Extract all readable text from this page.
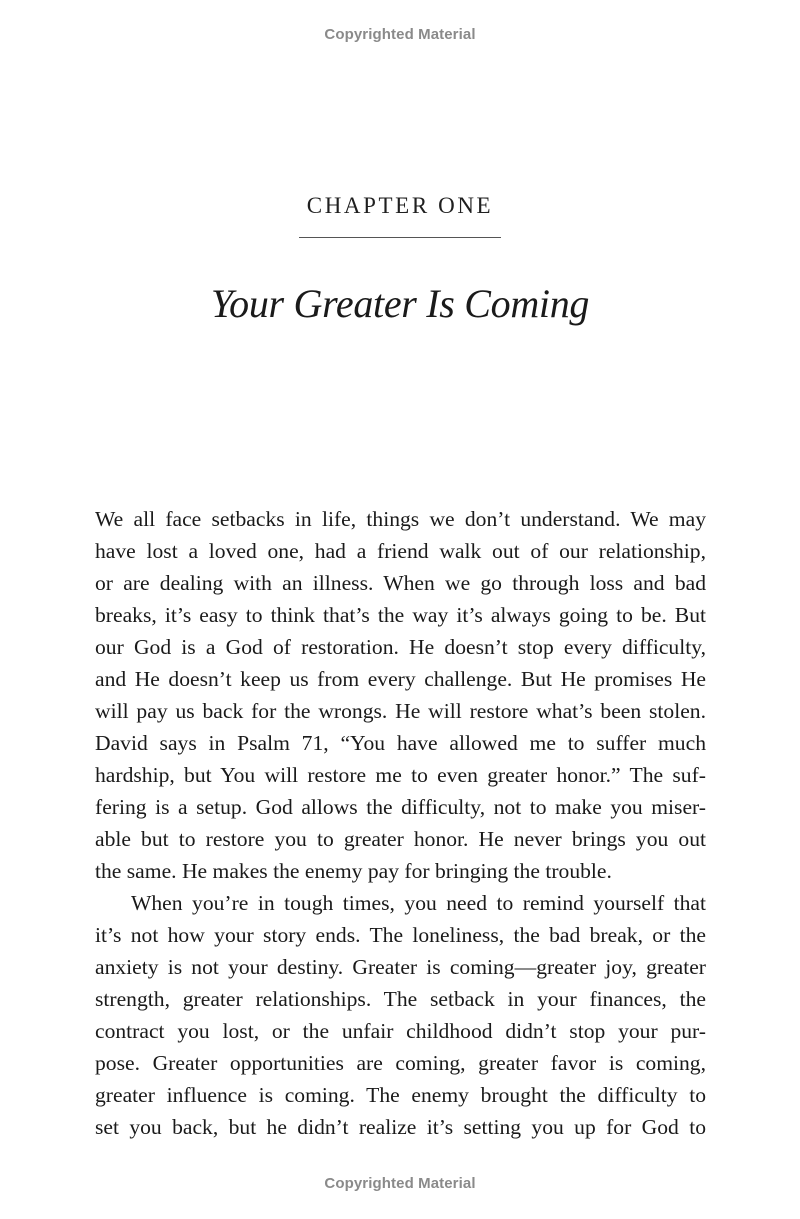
Copyrighted Material
CHAPTER ONE
Your Greater Is Coming
We all face setbacks in life, things we don’t understand. We may
have lost a loved one, had a friend walk out of our relationship,
or are dealing with an illness. When we go through loss and bad
breaks, it’s easy to think that’s the way it’s always going to be. But
our God is a God of restoration. He doesn’t stop every difficulty,
and He doesn’t keep us from every challenge. But He promises He
will pay us back for the wrongs. He will restore what’s been stolen.
David says in Psalm 71, “You have allowed me to suffer much
hardship, but You will restore me to even greater honor.” The suf-
fering is a setup. God allows the difficulty, not to make you miser-
able but to restore you to greater honor. He never brings you out
the same. He makes the enemy pay for bringing the trouble.
When you’re in tough times, you need to remind yourself that
it’s not how your story ends. The loneliness, the bad break, or the
anxiety is not your destiny. Greater is coming—greater joy, greater
strength, greater relationships. The setback in your finances, the
contract you lost, or the unfair childhood didn’t stop your pur-
pose. Greater opportunities are coming, greater favor is coming,
greater influence is coming. The enemy brought the difficulty to
set you back, but he didn’t realize it’s setting you up for God to
Copyrighted Material
